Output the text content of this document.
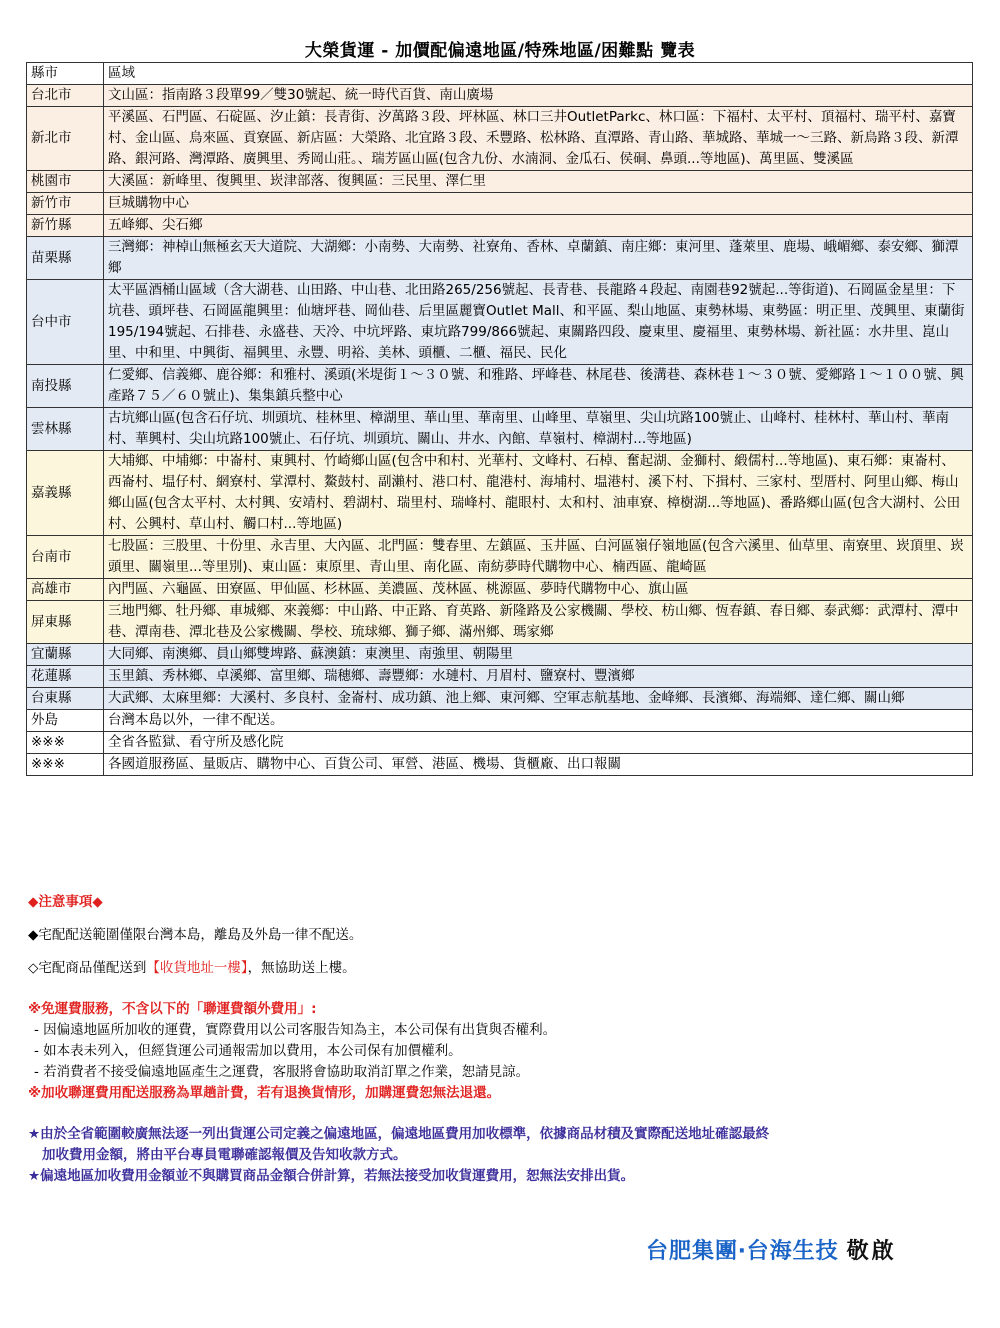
大榮貨運 - 加價配偏遠地區/特殊地區/困難點 覽表
縣市	區域
台北市	文山區：指南路３段單99／雙30號起、統一時代百貨、南山廣場
新北市	平溪區、石門區、石碇區、汐止鎮：長青街、汐萬路３段、坪林區、林口三井OutletParkc、林口區：下福村、太平村、頂福村、瑞平村、嘉寶村、金山區、烏來區、貢寮區、新店區：大榮路、北宜路３段、禾豐路、松林路、直潭路、青山路、華城路、華城一～三路、新烏路３段、新潭路、銀河路、灣潭路、廣興里、秀岡山莊。、瑞芳區山區(包含九份、水湳洞、金瓜石、侯硐、鼻頭...等地區)、萬里區、雙溪區
桃園市	大溪區：新峰里、復興里、崁津部落、復興區：三民里、澤仁里
新竹市	巨城購物中心
新竹縣	五峰鄉、尖石鄉
苗栗縣	三灣鄉：神棹山無極玄天大道院、大湖鄉：小南勢、大南勢、社寮角、香林、卓蘭鎮、南庄鄉：東河里、蓬萊里、鹿場、峨嵋鄉、泰安鄉、獅潭鄉
台中市	太平區酒桶山區域（含大湖巷、山田路、中山巷、北田路265/256號起、長青巷、長龍路４段起、南園巷92號起...等街道)、石岡區金星里：下坑巷、頭坪巷、石岡區龍興里：仙塘坪巷、岡仙巷、后里區麗寶Outlet Mall、和平區、梨山地區、東勢林場、東勢區：明正里、茂興里、東蘭街195/194號起、石排巷、永盛巷、天冷、中坑坪路、東坑路799/866號起、東關路四段、慶東里、慶福里、東勢林場、新社區：水井里、崑山里、中和里、中興街、福興里、永豐、明裕、美林、頭櫃、二櫃、福民、民化
南投縣	仁愛鄉、信義鄉、鹿谷鄉：和雅村、溪頭(米堤街１～３０號、和雅路、坪峰巷、林尾巷、後溝巷、森林巷１～３０號、愛鄉路１～１００號、興產路７５／６０號止)、集集鎮兵整中心
雲林縣	古坑鄉山區(包含石仔坑、圳頭坑、桂林里、樟湖里、華山里、華南里、山峰里、草嶺里、尖山坑路100號止、山峰村、桂林村、華山村、華南村、華興村、尖山坑路100號止、石仔坑、圳頭坑、關山、井水、內館、草嶺村、樟湖村...等地區)
嘉義縣	大埔鄉、中埔鄉：中崙村、東興村、竹崎鄉山區(包含中和村、光華村、文峰村、石棹、奮起湖、金獅村、緞儒村...等地區)、東石鄉：東崙村、西崙村、塭仔村、網寮村、掌潭村、鰲鼓村、副瀨村、港口村、龍港村、海埔村、塭港村、溪下村、下揖村、三家村、型厝村、阿里山鄉、梅山鄉山區(包含太平村、太村興、安靖村、碧湖村、瑞里村、瑞峰村、龍眼村、太和村、油車寮、樟樹湖...等地區)、番路鄉山區(包含大湖村、公田村、公興村、草山村、觸口村...等地區)
台南市	七股區：三股里、十份里、永吉里、大內區、北門區：雙春里、左鎮區、玉井區、白河區嶺仔嶺地區(包含六溪里、仙草里、南寮里、崁頂里、崁頭里、關嶺里...等里別)、東山區：東原里、青山里、南化區、南紡夢時代購物中心、楠西區、龍崎區
高雄市	內門區、六龜區、田寮區、甲仙區、杉林區、美濃區、茂林區、桃源區、夢時代購物中心、旗山區
屏東縣	三地門鄉、牡丹鄉、車城鄉、來義鄉：中山路、中正路、育英路、新隆路及公家機關、學校、枋山鄉、恆春鎮、春日鄉、泰武鄉：武潭村、潭中巷、潭南巷、潭北巷及公家機關、學校、琉球鄉、獅子鄉、滿州鄉、瑪家鄉
宜蘭縣	大同鄉、南澳鄉、員山鄉雙埤路、蘇澳鎮：東澳里、南強里、朝陽里
花蓮縣	玉里鎮、秀林鄉、卓溪鄉、富里鄉、瑞穗鄉、壽豐鄉：水璉村、月眉村、鹽寮村、豐濱鄉
台東縣	大武鄉、太麻里鄉：大溪村、多良村、金崙村、成功鎮、池上鄉、東河鄉、空軍志航基地、金峰鄉、長濱鄉、海端鄉、達仁鄉、關山鄉
外島	台灣本島以外，一律不配送。
※※※	全省各監獄、看守所及感化院
※※※	各國道服務區、量販店、購物中心、百貨公司、軍營、港區、機場、貨櫃廠、出口報關
◆注意事項◆
◆宅配配送範圍僅限台灣本島，離島及外島一律不配送。
◇宅配商品僅配送到【收貨地址一樓】，無協助送上樓。
※免運費服務，不含以下的「聯運費額外費用」:
- 因偏遠地區所加收的運費，實際費用以公司客服告知為主，本公司保有出貨與否權利。
- 如本表未列入，但經貨運公司通報需加以費用，本公司保有加價權利。
- 若消費者不接受偏遠地區產生之運費，客服將會協助取消訂單之作業，恕請見諒。
※加收聯運費用配送服務為單趟計費，若有退換貨情形，加購運費恕無法退還。
★由於全省範圍較廣無法逐一列出貨運公司定義之偏遠地區，偏遠地區費用加收標準，依據商品材積及實際配送地址確認最終
加收費用金額，將由平台專員電聯確認報價及告知收款方式。
★偏遠地區加收費用金額並不與購買商品金額合併計算，若無法接受加收貨運費用，恕無法安排出貨。
台肥集團‧台海生技 敬啟
